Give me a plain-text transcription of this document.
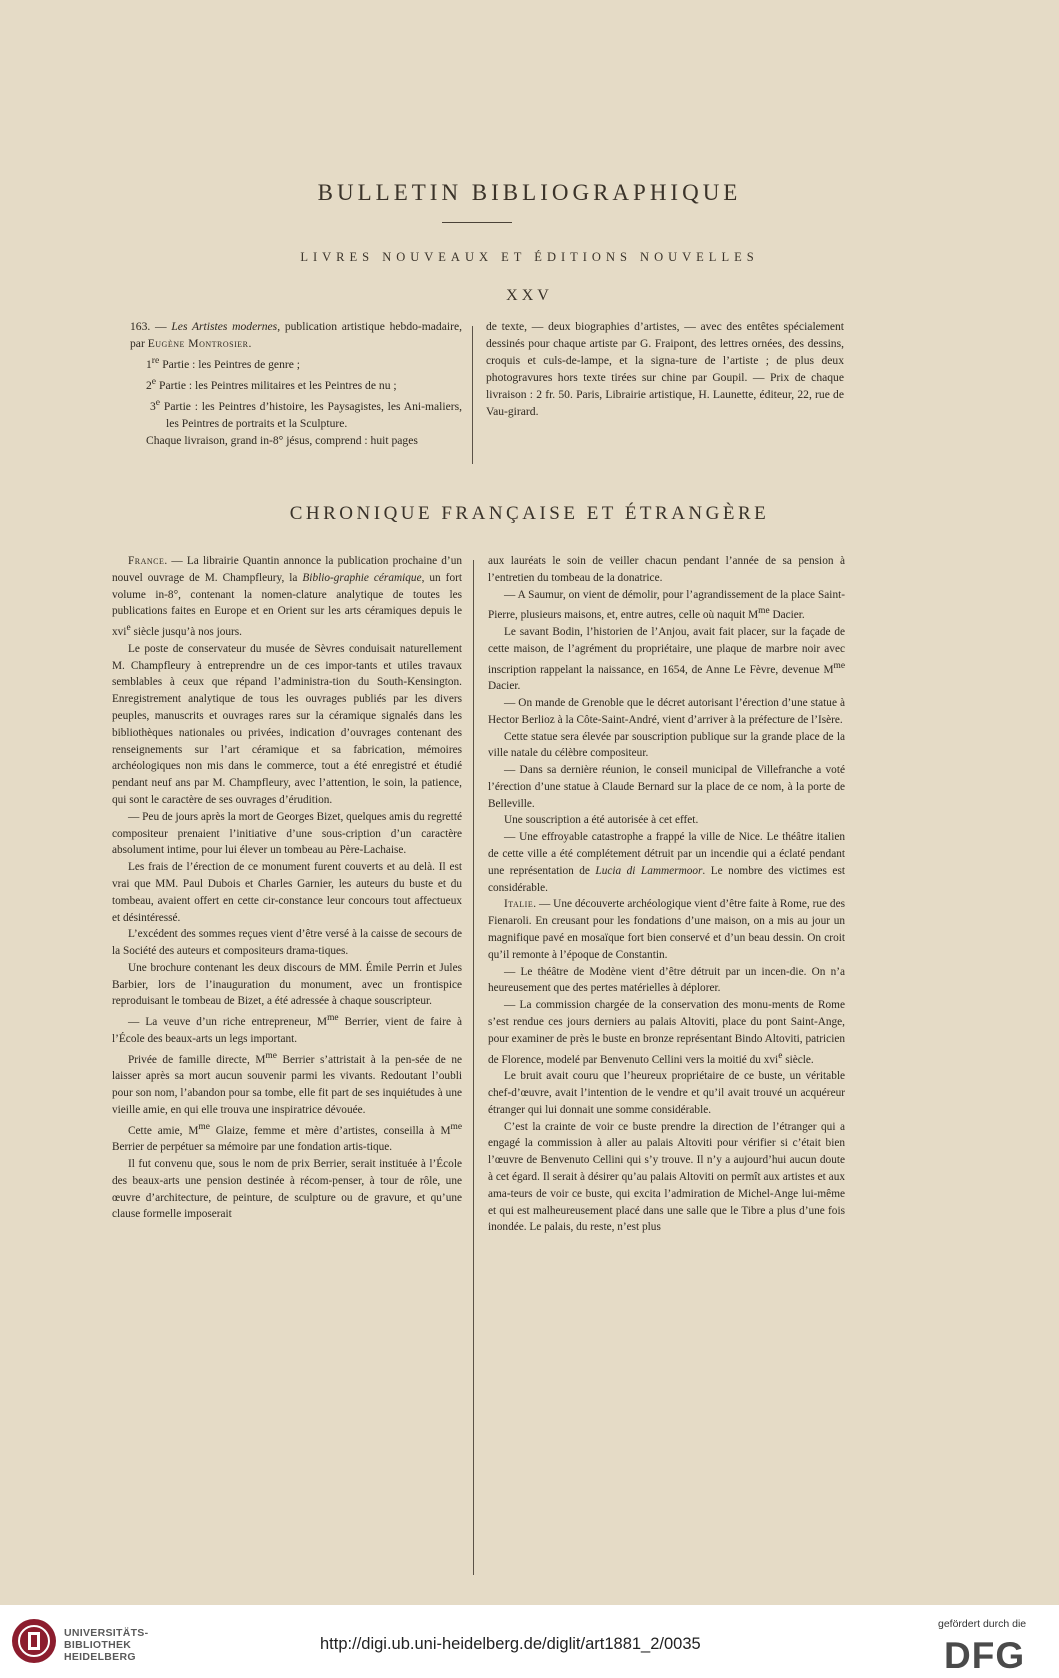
BULLETIN BIBLIOGRAPHIQUE
LIVRES NOUVEAUX ET ÉDITIONS NOUVELLES
XXV

163. — Les Artistes modernes, publication artistique hebdo-madaire, par Eugène Montrosier.

1re Partie : les Peintres de genre ;

2e Partie : les Peintres militaires et les Peintres de nu ;

3e Partie : les Peintres d’histoire, les Paysagistes, les Ani-maliers, les Peintres de portraits et la Sculpture.

Chaque livraison, grand in-8° jésus, comprend : huit pages

de texte, — deux biographies d’artistes, — avec des entêtes spécialement dessinés pour chaque artiste par G. Fraipont, des lettres ornées, des dessins, croquis et culs-de-lampe, et la signa-ture de l’artiste ; de plus deux photogravures hors texte tirées sur chine par Goupil. — Prix de chaque livraison : 2 fr. 50. Paris, Librairie artistique, H. Launette, éditeur, 22, rue de Vau-girard.

CHRONIQUE FRANÇAISE ET ÉTRANGÈRE

France. — La librairie Quantin annonce la publication prochaine d’un nouvel ouvrage de M. Champfleury, la Biblio-graphie céramique, un fort volume in-8°, contenant la nomen-clature analytique de toutes les publications faites en Europe et en Orient sur les arts céramiques depuis le xvi$^e$ siècle jusqu’à nos jours.

Le poste de conservateur du musée de Sèvres conduisait naturellement M. Champfleury à entreprendre un de ces impor-tants et utiles travaux semblables à ceux que répand l’administra-tion du South-Kensington. Enregistrement analytique de tous les ouvrages publiés par les divers peuples, manuscrits et ouvrages rares sur la céramique signalés dans les bibliothèques nationales ou privées, indication d’ouvrages contenant des renseignements sur l’art céramique et sa fabrication, mémoires archéologiques non mis dans le commerce, tout a été enregistré et étudié pendant neuf ans par M. Champfleury, avec l’attention, le soin, la patience, qui sont le caractère de ses ouvrages d’érudition.

— Peu de jours après la mort de Georges Bizet, quelques amis du regretté compositeur prenaient l’initiative d’une sous-cription d’un caractère absolument intime, pour lui élever un tombeau au Père-Lachaise.

Les frais de l’érection de ce monument furent couverts et au delà. Il est vrai que MM. Paul Dubois et Charles Garnier, les auteurs du buste et du tombeau, avaient offert en cette cir-constance leur concours tout affectueux et désintéressé.

L’excédent des sommes reçues vient d’être versé à la caisse de secours de la Société des auteurs et compositeurs drama-tiques.

Une brochure contenant les deux discours de MM. Émile Perrin et Jules Barbier, lors de l’inauguration du monument, avec un frontispice reproduisant le tombeau de Bizet, a été adressée à chaque souscripteur.

— La veuve d’un riche entrepreneur, $M^{me}$ Berrier, vient de faire à l’École des beaux-arts un legs important.

Privée de famille directe, $M^{me}$ Berrier s’attristait à la pen-sée de ne laisser après sa mort aucun souvenir parmi les vivants. Redoutant l’oubli pour son nom, l’abandon pour sa tombe, elle fit part de ses inquiétudes à une vieille amie, en qui elle trouva une inspiratrice dévouée.

Cette amie, $M^{me}$ Glaize, femme et mère d’artistes, conseilla à $M^{me}$ Berrier de perpétuer sa mémoire par une fondation artis-tique.

Il fut convenu que, sous le nom de prix Berrier, serait instituée à l’École des beaux-arts une pension destinée à récom-penser, à tour de rôle, une œuvre d’architecture, de peinture, de sculpture ou de gravure, et qu’une clause formelle imposerait

aux lauréats le soin de veiller chacun pendant l’année de sa pension à l’entretien du tombeau de la donatrice.

— A Saumur, on vient de démolir, pour l’agrandissement de la place Saint-Pierre, plusieurs maisons, et, entre autres, celle où naquit $M^{me}$ Dacier.

Le savant Bodin, l’historien de l’Anjou, avait fait placer, sur la façade de cette maison, de l’agrément du propriétaire, une plaque de marbre noir avec inscription rappelant la naissance, en 1654, de Anne Le Fèvre, devenue $M^{me}$ Dacier.

— On mande de Grenoble que le décret autorisant l’érection d’une statue à Hector Berlioz à la Côte-Saint-André, vient d’arriver à la préfecture de l’Isère.

Cette statue sera élevée par souscription publique sur la grande place de la ville natale du célèbre compositeur.

— Dans sa dernière réunion, le conseil municipal de Villefranche a voté l’érection d’une statue à Claude Bernard sur la place de ce nom, à la porte de Belleville.

Une souscription a été autorisée à cet effet.

— Une effroyable catastrophe a frappé la ville de Nice. Le théâtre italien de cette ville a été complétement détruit par un incendie qui a éclaté pendant une représentation de Lucia di Lammermoor. Le nombre des victimes est considérable.

Italie. — Une découverte archéologique vient d’être faite à Rome, rue des Fienaroli. En creusant pour les fondations d’une maison, on a mis au jour un magnifique pavé en mosaïque fort bien conservé et d’un beau dessin. On croit qu’il remonte à l’époque de Constantin.

— Le théâtre de Modène vient d’être détruit par un incen-die. On n’a heureusement que des pertes matérielles à déplorer.

— La commission chargée de la conservation des monu-ments de Rome s’est rendue ces jours derniers au palais Altoviti, place du pont Saint-Ange, pour examiner de près le buste en bronze représentant Bindo Altoviti, patricien de Florence, modelé par Benvenuto Cellini vers la moitié du xvi$^e$ siècle.

Le bruit avait couru que l’heureux propriétaire de ce buste, un véritable chef-d’œuvre, avait l’intention de le vendre et qu’il avait trouvé un acquéreur étranger qui lui donnait une somme considérable.

C’est la crainte de voir ce buste prendre la direction de l’étranger qui a engagé la commission à aller au palais Altoviti pour vérifier si c’était bien l’œuvre de Benvenuto Cellini qui s’y trouve. Il n’y a aujourd’hui aucun doute à cet égard. Il serait à désirer qu’au palais Altoviti on permît aux artistes et aux ama-teurs de voir ce buste, qui excita l’admiration de Michel-Ange lui-même et qui est malheureusement placé dans une salle que le Tibre a plus d’une fois inondée. Le palais, du reste, n’est plus

UNIVERSITÄTS-
BIBLIOTHEK
HEIDELBERG
http://digi.ub.uni-heidelberg.de/diglit/art1881_2/0035
gefördert durch die
DFG
